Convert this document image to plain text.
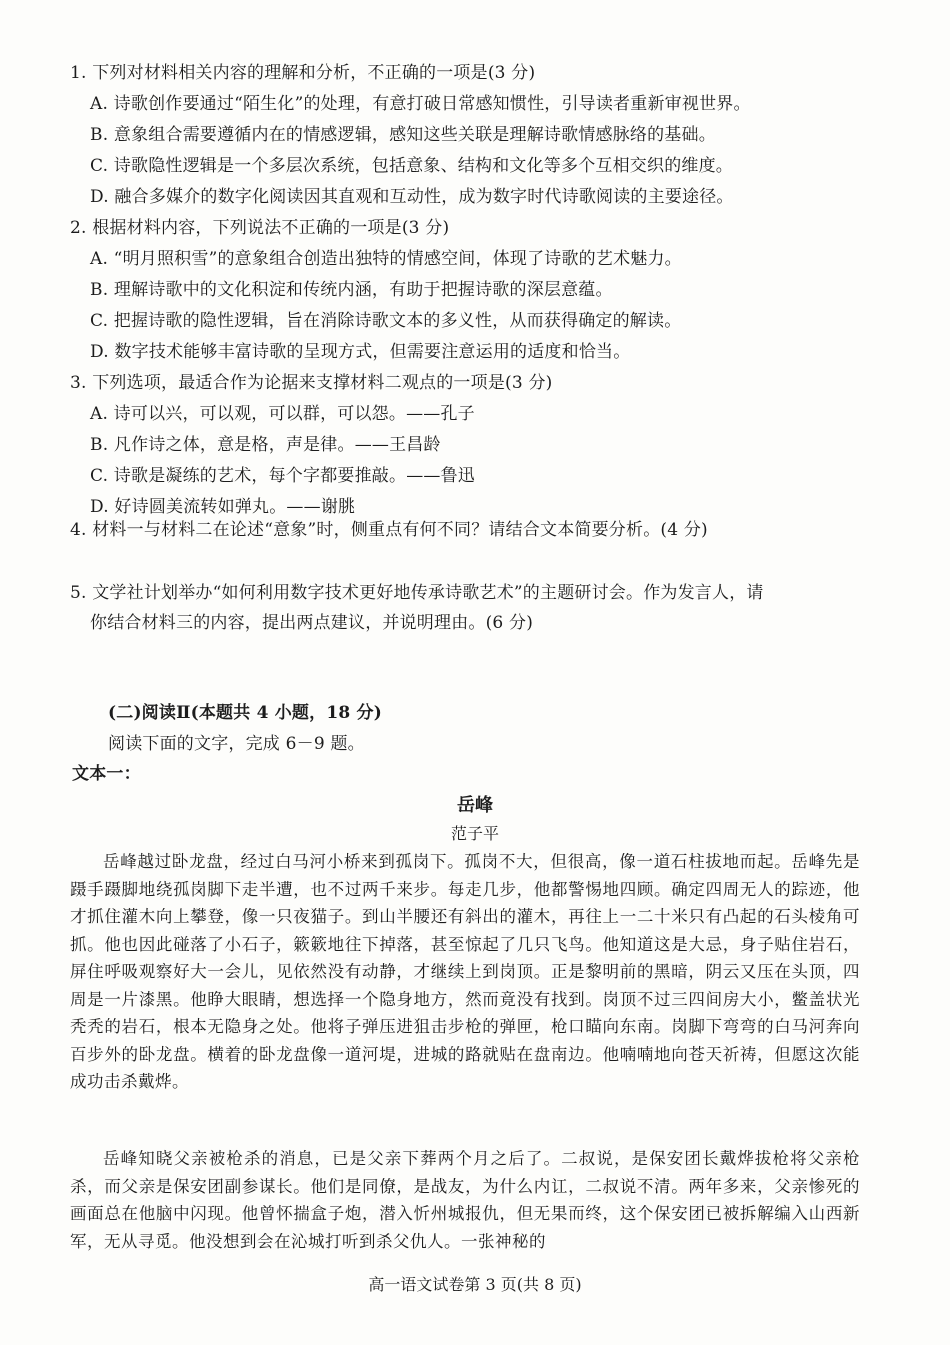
1. 下列对材料相关内容的理解和分析，不正确的一项是(3 分)
A. 诗歌创作要通过“陌生化”的处理，有意打破日常感知惯性，引导读者重新审视世界。
B. 意象组合需要遵循内在的情感逻辑，感知这些关联是理解诗歌情感脉络的基础。
C. 诗歌隐性逻辑是一个多层次系统，包括意象、结构和文化等多个互相交织的维度。
D. 融合多媒介的数字化阅读因其直观和互动性，成为数字时代诗歌阅读的主要途径。
2. 根据材料内容，下列说法不正确的一项是(3 分)
A. “明月照积雪”的意象组合创造出独特的情感空间，体现了诗歌的艺术魅力。
B. 理解诗歌中的文化积淀和传统内涵，有助于把握诗歌的深层意蕴。
C. 把握诗歌的隐性逻辑，旨在消除诗歌文本的多义性，从而获得确定的解读。
D. 数字技术能够丰富诗歌的呈现方式，但需要注意运用的适度和恰当。
3. 下列选项，最适合作为论据来支撑材料二观点的一项是(3 分)
A. 诗可以兴，可以观，可以群，可以怨。——孔子
B. 凡作诗之体，意是格，声是律。——王昌龄
C. 诗歌是凝练的艺术，每个字都要推敲。——鲁迅
D. 好诗圆美流转如弹丸。——谢朓
4. 材料一与材料二在论述“意象”时，侧重点有何不同？请结合文本简要分析。(4 分)
5. 文学社计划举办“如何利用数字技术更好地传承诗歌艺术”的主题研讨会。作为发言人，请
你结合材料三的内容，提出两点建议，并说明理由。(6 分)
(二)阅读Ⅱ(本题共 4 小题，18 分)
阅读下面的文字，完成 6－9 题。
文本一：
岳峰
范子平

岳峰越过卧龙盘，经过白马河小桥来到孤岗下。孤岗不大，但很高，像一道石柱拔地而起。岳峰先是蹑手蹑脚地绕孤岗脚下走半遭，也不过两千来步。每走几步，他都警惕地四顾。确定四周无人的踪迹，他才抓住灌木向上攀登，像一只夜猫子。到山半腰还有斜出的灌木，再往上一二十米只有凸起的石头棱角可抓。他也因此碰落了小石子，簌簌地往下掉落，甚至惊起了几只飞鸟。他知道这是大忌，身子贴住岩石，屏住呼吸观察好大一会儿，见依然没有动静，才继续上到岗顶。正是黎明前的黑暗，阴云又压在头顶，四周是一片漆黑。他睁大眼睛，想选择一个隐身地方，然而竟没有找到。岗顶不过三四间房大小，鳖盖状光秃秃的岩石，根本无隐身之处。他将子弹压进狙击步枪的弹匣，枪口瞄向东南。岗脚下弯弯的白马河奔向百步外的卧龙盘。横着的卧龙盘像一道河堤，进城的路就贴在盘南边。他喃喃地向苍天祈祷，但愿这次能成功击杀戴烨。

岳峰知晓父亲被枪杀的消息，已是父亲下葬两个月之后了。二叔说，是保安团长戴烨拔枪将父亲枪杀，而父亲是保安团副参谋长。他们是同僚，是战友，为什么内讧，二叔说不清。两年多来，父亲惨死的画面总在他脑中闪现。他曾怀揣盒子炮，潜入忻州城报仇，但无果而终，这个保安团已被拆解编入山西新军，无从寻觅。他没想到会在沁城打听到杀父仇人。一张神秘的

高一语文试卷第 3 页(共 8 页)
